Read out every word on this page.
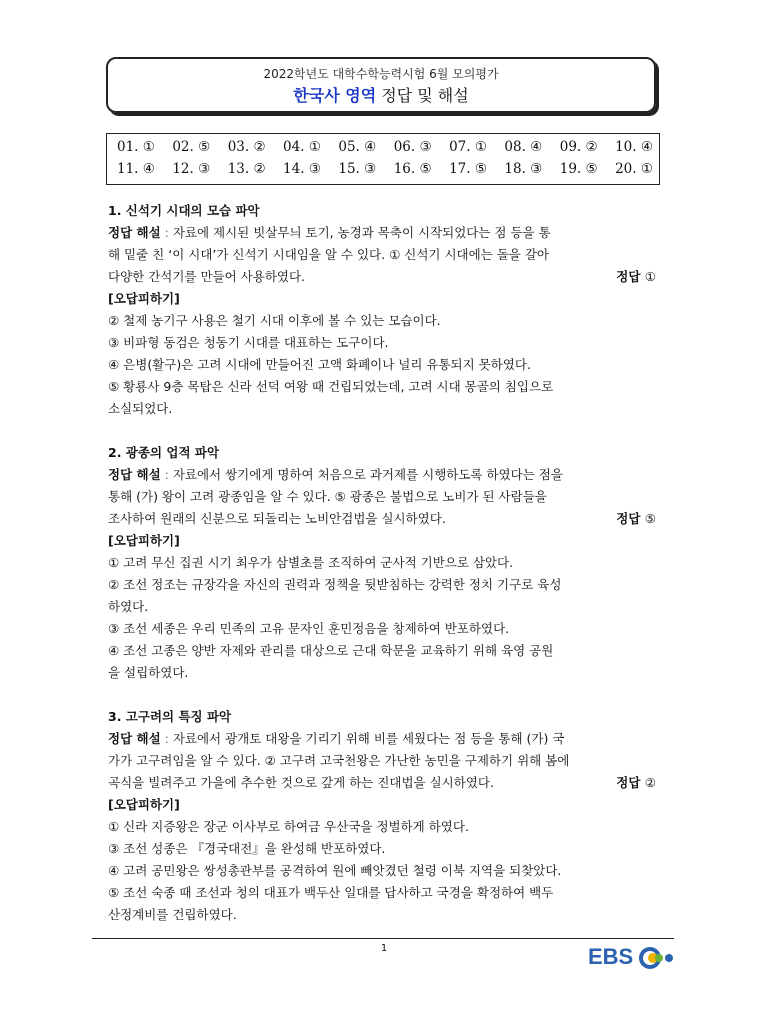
2022학년도 대학수학능력시험 6월 모의평가
한국사 영역 정답 및 해설
01. ① 02. ⑤ 03. ② 04. ① 05. ④ 06. ③ 07. ① 08. ④ 09. ② 10. ④
11. ④ 12. ③ 13. ② 14. ③ 15. ③ 16. ⑤ 17. ⑤ 18. ③ 19. ⑤ 20. ①
1. 신석기 시대의 모습 파악
정답 해설 : 자료에 제시된 빗살무늬 토기, 농경과 목축이 시작되었다는 점 등을 통
해 밑줄 친 ‘이 시대’가 신석기 시대임을 알 수 있다. ① 신석기 시대에는 돌을 갈아
다양한 간석기를 만들어 사용하였다.	정답 ①
[오답피하기]
② 철제 농기구 사용은 철기 시대 이후에 볼 수 있는 모습이다.
③ 비파형 동검은 청동기 시대를 대표하는 도구이다.
④ 은병(활구)은 고려 시대에 만들어진 고액 화폐이나 널리 유통되지 못하였다.
⑤ 황룡사 9층 목탑은 신라 선덕 여왕 때 건립되었는데, 고려 시대 몽골의 침입으로
소실되었다.
2. 광종의 업적 파악
정답 해설 : 자료에서 쌍기에게 명하여 처음으로 과거제를 시행하도록 하였다는 점을
통해 (가) 왕이 고려 광종임을 알 수 있다. ⑤ 광종은 불법으로 노비가 된 사람들을
조사하여 원래의 신분으로 되돌리는 노비안검법을 실시하였다.	정답 ⑤
[오답피하기]
① 고려 무신 집권 시기 최우가 삼별초를 조직하여 군사적 기반으로 삼았다.
② 조선 정조는 규장각을 자신의 권력과 정책을 뒷받침하는 강력한 정치 기구로 육성
하였다.
③ 조선 세종은 우리 민족의 고유 문자인 훈민정음을 창제하여 반포하였다.
④ 조선 고종은 양반 자제와 관리를 대상으로 근대 학문을 교육하기 위해 육영 공원
을 설립하였다.
3. 고구려의 특징 파악
정답 해설 : 자료에서 광개토 대왕을 기리기 위해 비를 세웠다는 점 등을 통해 (가) 국
가가 고구려임을 알 수 있다. ② 고구려 고국천왕은 가난한 농민을 구제하기 위해 봄에
곡식을 빌려주고 가을에 추수한 것으로 갚게 하는 진대법을 실시하였다.	정답 ②
[오답피하기]
① 신라 지증왕은 장군 이사부로 하여금 우산국을 정벌하게 하였다.
③ 조선 성종은 『경국대전』을 완성해 반포하였다.
④ 고려 공민왕은 쌍성총관부를 공격하여 원에 빼앗겼던 철령 이북 지역을 되찾았다.
⑤ 조선 숙종 때 조선과 청의 대표가 백두산 일대를 답사하고 국경을 확정하여 백두
산정계비를 건립하였다.
1	EBS
